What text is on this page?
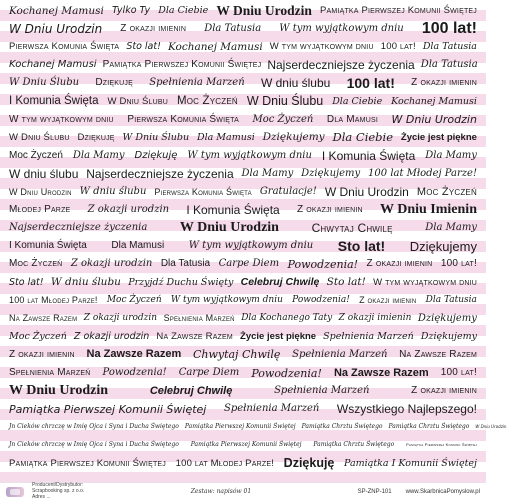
Kochanej Mamusi Tylko Ty Dla Ciebie W Dniu Urodzin Pamiątka Pierwszej Komunii Świętej
W Dniu Urodzin	Z okazji imienin	Dla Tatusia	W tym wyjątkowym dniu 100 lat!
Pierwsza Komunia Święta Sto lat! Kochanej Mamusi W tym wyjątkowym dniu 100 lat! Dla Tatusia
Kochanej Mamusi Pamiątka Pierwszej Komunii Świętej Najserdeczniejsze życzenia Dla Tatusia
W Dniu Ślubu	Dziękuję	Spełnienia Marzeń W dniu ślubu 100 lat!	Z okazji imienin
I Komunia Święta W Dniu Ślubu Moc Życzeń W Dniu Ślubu Dla Ciebie Kochanej Mamusi
W tym wyjątkowym dniu	Pierwsza Komunia Święta	Moc Życzeń	Dla Mamusi W Dniu Urodzin
W Dniu Ślubu Dziękuję W Dniu Ślubu Dla Mamusi Dziękujemy Dla Ciebie Życie jest piękne
Moc Życzeń Dla Mamy Dziękuję W tym wyjątkowym dniu I Komunia Święta Dla Mamy
W dniu ślubu Najserdeczniejsze życzenia Dla Mamy Dziękujemy 100 lat Młodej Parze!
W Dniu Urodzin W dniu ślubu Pierwsza Komunia Święta Gratulacje! W Dniu Urodzin Moc Życzeń
Młodej Parze	Z okazji urodzin I Komunia Święta	Z okazji imienin W Dniu Imienin
Najserdeczniejsze życzenia W Dniu Urodzin	Chwytaj Chwilę	Dla Mamy
I Komunia Święta	Dla Mamusi	W tym wyjątkowym dniu Sto lat! Dziękujemy
Moc Życzeń Z okazji urodzin Dla Tatusia Carpe Diem Powodzenia! Z okazji imienin 100 lat!
Sto lat! W dniu ślubu Przyjdź Duchu Święty Celebruj Chwilę Sto lat! W tym wyjątkowym dniu
100 lat Młodej Parze!	Moc Życzeń	W tym wyjątkowym dniu	Powodzenia!	Z okazji imienin	Dla Tatusia
Na Zawsze Razem Z okazji urodzin Spełnienia Marzeń Dla Kochanego Taty Z okazji imienin Dziękujemy
Moc Życzeń Z okazji urodzin Na Zawsze Razem Życie jest piękne Spełnienia Marzeń Dziękujemy
Z okazji imienin Na Zawsze Razem Chwytaj Chwilę	Spełnienia Marzeń	Na Zawsze Razem
Spełnienia Marzeń	Powodzenia!	Carpe Diem Powodzenia! Na Zawsze Razem	100 lat!
W Dniu Urodzin	Celebruj Chwilę	Spełnienia Marzeń	Z okazji imienin
Pamiątka Pierwszej Komunii Świętej	Spełnienia Marzeń Wszystkiego Najlepszego!
Jn Cieków chrzczę w Imię Ojca i Syna i Ducha Świętego	Pamiątka Pierwszej Komunii Świętej	Pamiątka Chrztu Świętego	Pamiątka Chrztu Świętego	W Dniu Urodzin
Jn Cieków chrzczę w Imię Ojca i Syna i Ducha Świętego	Pamiątka Pierwszej Komunii Świętej	Pamiątka Chrztu Świętego	Pamiątka Pierwszej Komunii Świętej
Pamiątka Pierwszej Komunii Świętej	100 lat Młodej Parze! Dziękuję	Pamiątka I Komunii Świętej
Producent/Dystrybutor:
Scrapbooking sp. z o.o.
Adres ...
Zestaw: napisów 01	SP-ZNP-101 www.SkarbnicaPomyslow.pl
